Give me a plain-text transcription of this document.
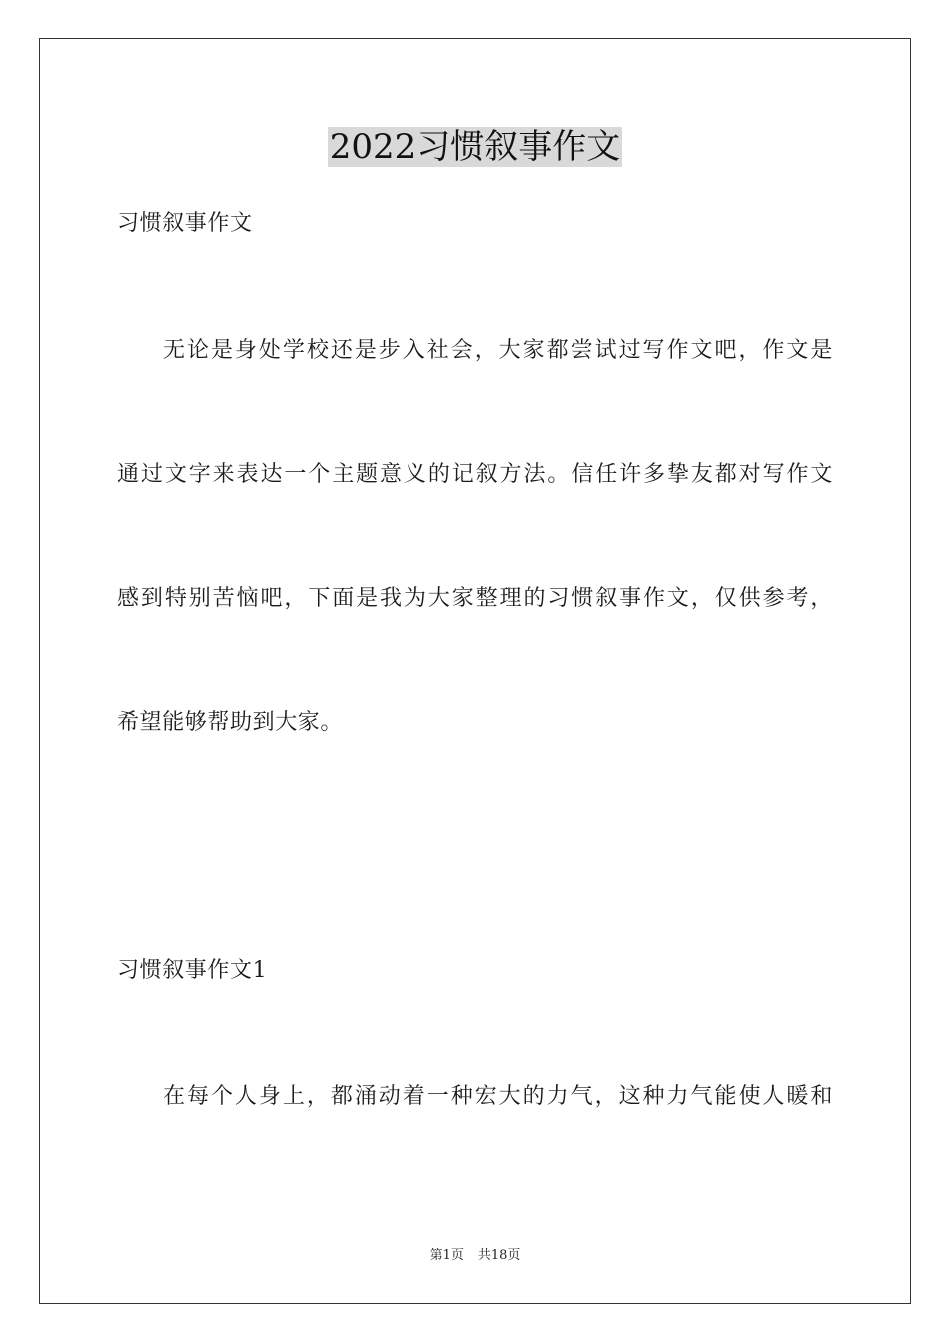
2022习惯叙事作文
习惯叙事作文
无论是身处学校还是步入社会，大家都尝试过写作文吧，作文是
通过文字来表达一个主题意义的记叙方法。信任许多挚友都对写作文
感到特别苦恼吧，下面是我为大家整理的习惯叙事作文，仅供参考，
希望能够帮助到大家。
习惯叙事作文1
在每个人身上，都涌动着一种宏大的力气，这种力气能使人暖和
第1页 共18页
